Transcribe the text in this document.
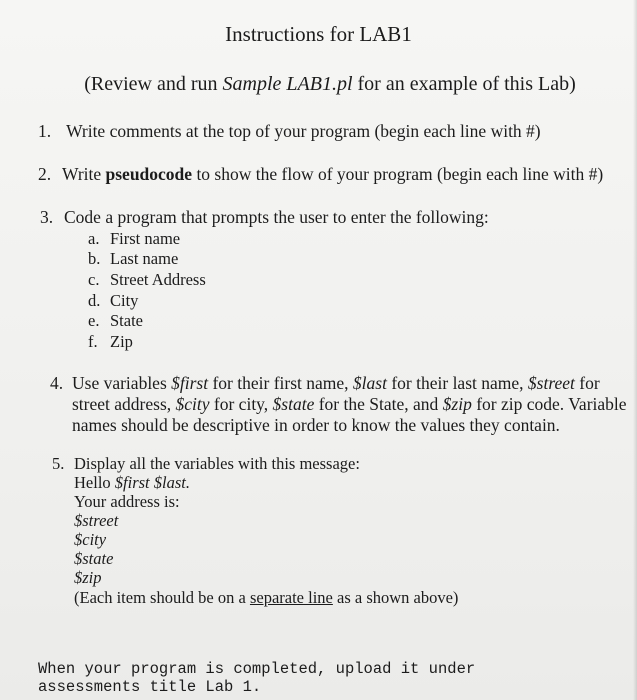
Instructions for LAB1
(Review and run Sample LAB1.pl for an example of this Lab)
1. Write comments at the top of your program (begin each line with #)
2. Write pseudocode to show the flow of your program (begin each line with #)
3. Code a program that prompts the user to enter the following:
a. First name
b. Last name
c. Street Address
d. City
e. State
f. Zip
4. Use variables $first for their first name, $last for their last name, $street for
street address, $city for city, $state for the State, and $zip for zip code. Variable
names should be descriptive in order to know the values they contain.
5. Display all the variables with this message:
Hello $first $last.
Your address is:
$street
$city
$state
$zip
(Each item should be on a separate line as a shown above)
When your program is completed, upload it under
assessments title Lab 1.
